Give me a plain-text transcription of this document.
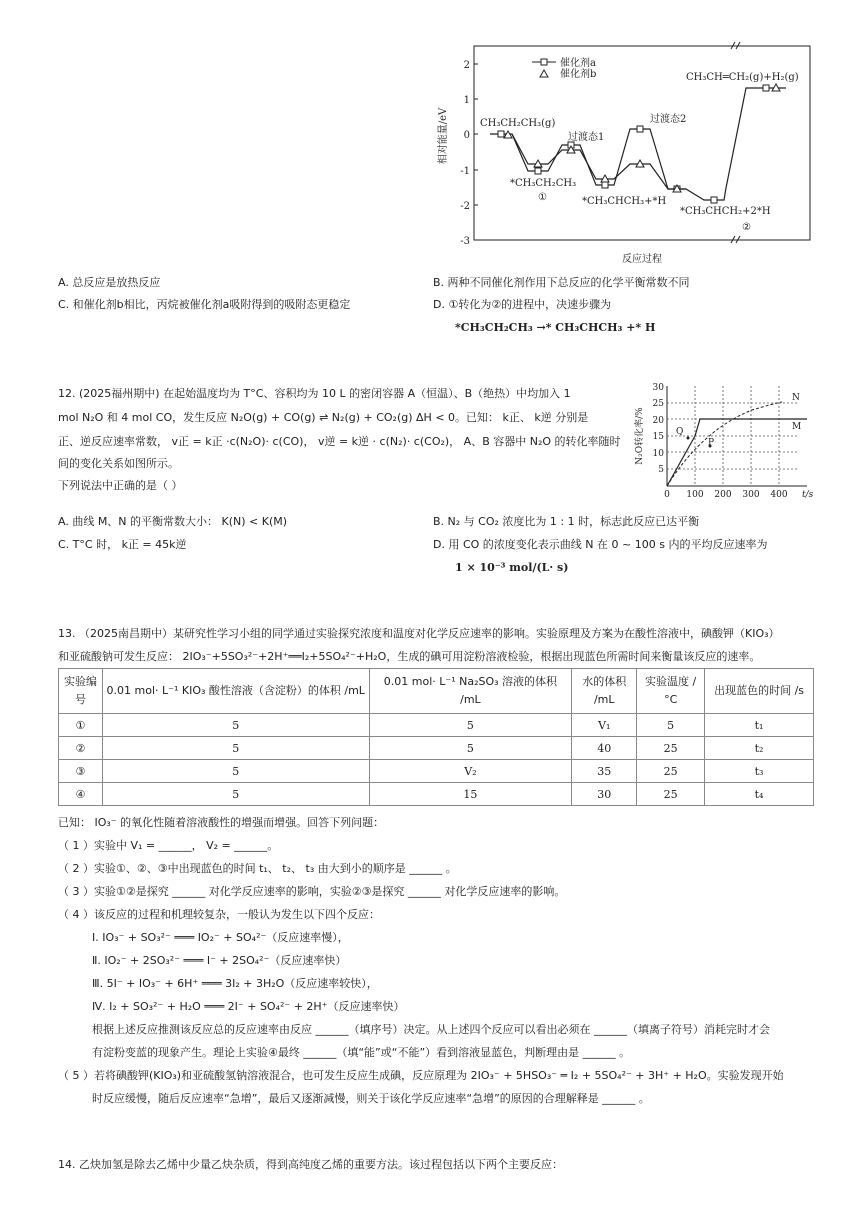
2
1
0
-1
-2
-3
相对能量/eV
反应过程
催化剂a
催化剂b
CH₃CH₂CH₃(g)
过渡态1
过渡态2
CH₃CH═CH₂(g)+H₂(g)
*CH₃CH₂CH₃
①	*CH₃CHCH₃+*H
*CH₃CHCH₂+2*H
②
A. 总反应是放热反应	B. 两种不同催化剂作用下总反应的化学平衡常数不同
C. 和催化剂b相比，丙烷被催化剂a吸附得到的吸附态更稳定	D. ①转化为②的进程中，决速步骤为
*CH₃CH₂CH₃ →* CH₃CHCH₃ +* H
12. (2025福州期中) 在起始温度均为 T°C、容积均为 10 L 的密闭容器 A（恒温）、B（绝热）中均加入 1
mol N₂O 和 4 mol CO，发生反应 N₂O(g) + CO(g) ⇌ N₂(g) + CO₂(g) ΔH < 0。已知： k正、 k逆 分别是
正、逆反应速率常数， v正 = k正 ·c(N₂O)· c(CO)， v逆 = k逆 · c(N₂)· c(CO₂)， A、B 容器中 N₂O 的转化率随时
间的变化关系如图所示。
下列说法中正确的是（ ）
N
M
Q
P
30
25
20
15
10
5
0 100 200 300 400 t/s
N₂O转化率/%
A. 曲线 M、N 的平衡常数大小： K(N) < K(M)	B. N₂ 与 CO₂ 浓度比为 1 : 1 时，标志此反应已达平衡
C. T°C 时， k正 = 45k逆	D. 用 CO 的浓度变化表示曲线 N 在 0 ~ 100 s 内的平均反应速率为
1 × 10⁻³ mol/(L· s)
13. （2025南昌期中）某研究性学习小组的同学通过实验探究浓度和温度对化学反应速率的影响。实验原理及方案为在酸性溶液中，碘酸钾（KIO₃）
和亚硫酸钠可发生反应： 2IO₃⁻+5SO₃²⁻+2H⁺══I₂+5SO₄²⁻+H₂O，生成的碘可用淀粉溶液检验，根据出现蓝色所需时间来衡量该反应的速率。
实验编号	0.01 mol· L⁻¹ KIO₃ 酸性溶液（含淀粉）的体积 /mL	0.01 mol· L⁻¹ Na₂SO₃ 溶液的体积 /mL	水的体积 /mL	实验温度 / °C	出现蓝色的时间 /s
①	5	5	V₁	5	t₁
②	5	5	40	25	t₂
③	5	V₂	35	25	t₃
④	5	15	30	25	t₄
已知： IO₃⁻ 的氧化性随着溶液酸性的增强而增强。回答下列问题：
（ 1 ）实验中 V₁ = ______， V₂ = ______。
（ 2 ）实验①、②、③中出现蓝色的时间 t₁、 t₂、 t₃ 由大到小的顺序是 ______ 。
（ 3 ）实验①②是探究 ______ 对化学反应速率的影响，实验②③是探究 ______ 对化学反应速率的影响。
（ 4 ）该反应的过程和机理较复杂，一般认为发生以下四个反应：
Ⅰ. IO₃⁻ + SO₃²⁻ ═══ IO₂⁻ + SO₄²⁻（反应速率慢），
Ⅱ. IO₂⁻ + 2SO₃²⁻ ═══ I⁻ + 2SO₄²⁻（反应速率快）
Ⅲ. 5I⁻ + IO₃⁻ + 6H⁺ ═══ 3I₂ + 3H₂O（反应速率较快），
Ⅳ. I₂ + SO₃²⁻ + H₂O ═══ 2I⁻ + SO₄²⁻ + 2H⁺（反应速率快）
根据上述反应推测该反应总的反应速率由反应 ______（填序号）决定。从上述四个反应可以看出必须在 ______（填离子符号）消耗完时才会
有淀粉变蓝的现象产生。理论上实验④最终 ______（填“能”或“不能”）看到溶液显蓝色，判断理由是 ______ 。
（ 5 ）若将碘酸钾(KIO₃)和亚硫酸氢钠溶液混合，也可发生反应生成碘，反应原理为 2IO₃⁻ + 5HSO₃⁻ ═ I₂ + 5SO₄²⁻ + 3H⁺ + H₂O。实验发现开始
时反应缓慢，随后反应速率“急增”，最后又逐渐减慢，则关于该化学反应速率“急增”的原因的合理解释是 ______ 。
14. 乙炔加氢是除去乙烯中少量乙炔杂质，得到高纯度乙烯的重要方法。该过程包括以下两个主要反应：
